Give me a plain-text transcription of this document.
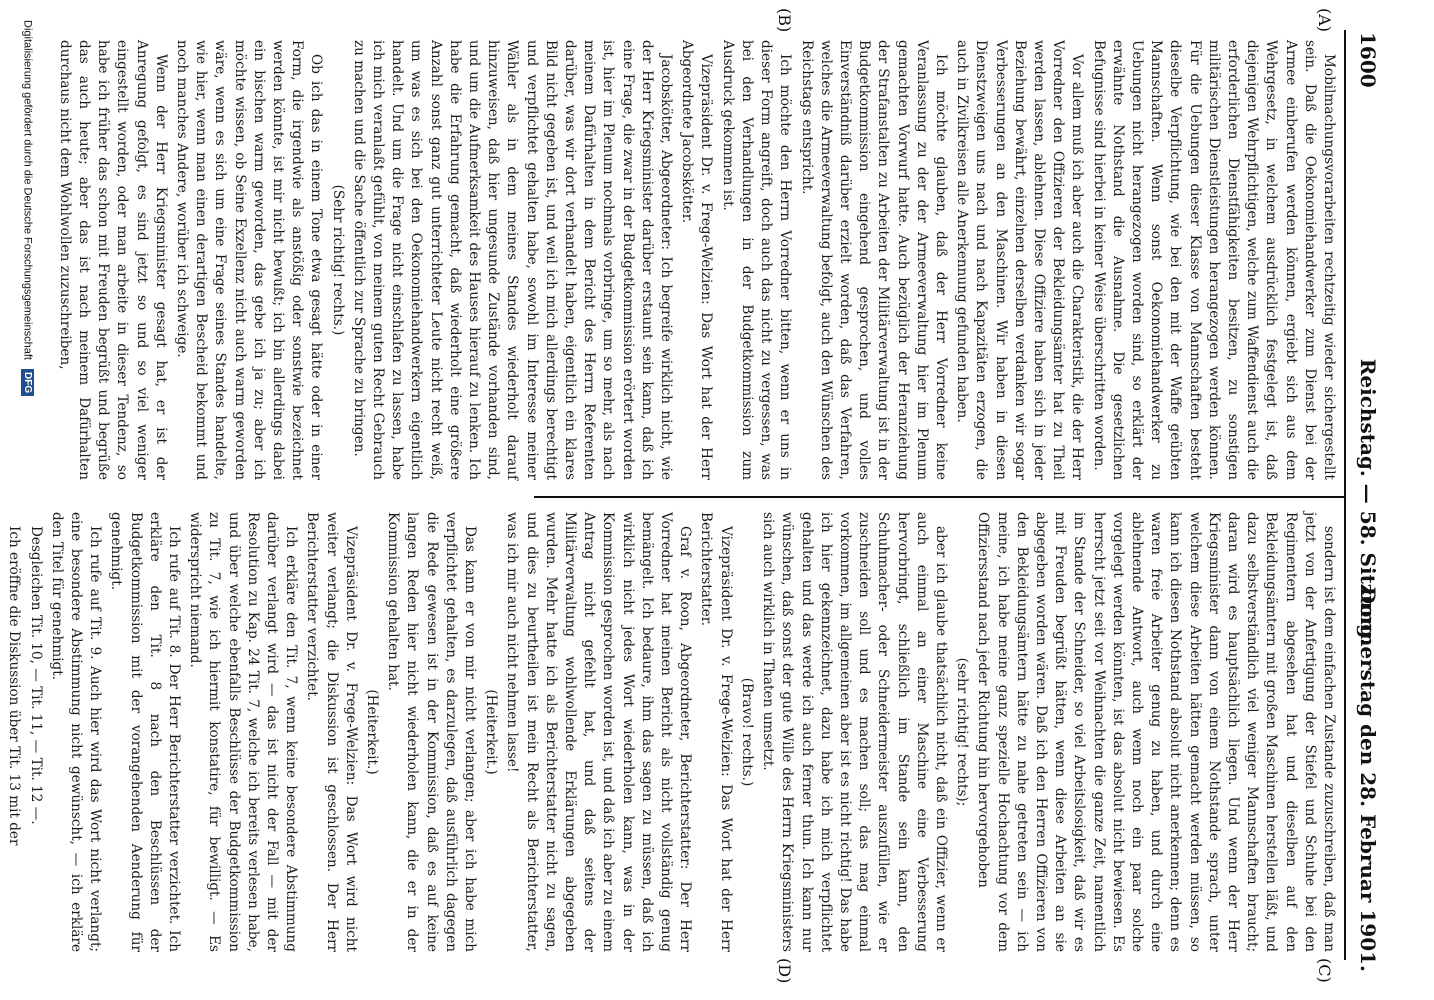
1600
Reichstag. — 58. Sitzung.
Donnerstag den 28. Februar 1901.
(A)
(B)
(C)
(D)

Mobilmachungsvorarbeiten rechtzeitig wieder sichergestellt sein. Daß die Oekonomiehandwerker zum Dienst bei der Armee einberufen werden können, ergiebt sich aus dem Wehrgesetz, in welchem ausdrücklich festgelegt ist, daß diejenigen Wehrpflichtigen, welche zum Waffendienst auch die erforderlichen Dienstfähigkeiten besitzen, zu sonstigen militärischen Dienstleistungen herangezogen werden können. Für die Uebungen dieser Klasse von Mannschaften besteht dieselbe Verpflichtung, wie bei den mit der Waffe geübten Mannschaften. Wenn sonst Oekonomiehandwerker zu Uebungen nicht herangezogen worden sind, so erklärt der erwähnte Nothstand die Ausnahme. Die gesetzlichen Befugnisse sind hierbei in keiner Weise überschritten worden.

Vor allem muß ich aber auch die Charakteristik, die der Herr Vorredner den Offizieren der Bekleidungsämter hat zu Theil werden lassen, ablehnen. Diese Offiziere haben sich in jeder Beziehung bewährt, einzelnen derselben verdanken wir sogar Verbesserungen an den Maschinen. Wir haben in diesen Dienstzweigen uns nach und nach Kapazitäten erzogen, die auch in Zivilkreisen alle Anerkennung gefunden haben.

Ich möchte glauben, daß der Herr Vorredner keine Veranlassung zu der der Armeeverwaltung hier im Plenum gemachten Vorwurf hatte. Auch bezüglich der Heranziehung der Strafanstalten zu Arbeiten der Militärverwaltung ist in der Budgetkommission eingehend gesprochen, und volles Einverständniß darüber erzielt worden, daß das Verfahren, welches die Armeeverwaltung befolgt, auch den Wünschen des Reichstags entspricht.

Ich möchte den Herrn Vorredner bitten, wenn er uns in dieser Form angreift, doch auch das nicht zu vergessen, was bei den Verhandlungen in der Budgetkommission zum Ausdruck gekommen ist.

Vizepräsident Dr. v. Frege-Welzien: Das Wort hat der Herr Abgeordnete Jacobskötter.

Jacobskötter, Abgeordneter: Ich begreife wirklich nicht, wie der Herr Kriegsminister darüber erstaunt sein kann, daß ich eine Frage, die zwar in der Budgetkommission erörtert worden ist, hier im Plenum nochmals vorbringe, um so mehr, als nach meinem Dafürhalten in dem Bericht des Herrn Referenten darüber, was wir dort verhandelt haben, eigentlich ein klares Bild nicht gegeben ist, und weil ich mich allerdings berechtigt und verpflichtet gehalten habe, sowohl im Interesse meiner Wähler als in dem meines Standes wiederholt darauf hinzuweisen, daß hier ungesunde Zustände vorhanden sind, und um die Aufmerksamkeit des Hauses hierauf zu lenken. Ich habe die Erfahrung gemacht, daß wiederholt eine größere Anzahl sonst ganz gut unterrichteter Leute nicht recht weiß, um was es sich bei den Oekonomiehandwerkern eigentlich handelt. Und um die Frage nicht einschlafen zu lassen, habe ich mich veranlaßt gefühlt, von meinem guten Recht Gebrauch zu machen und die Sache öffentlich zur Sprache zu bringen.

(Sehr richtig! rechts.)

Ob ich das in einem Tone etwa gesagt hätte oder in einer Form, die irgendwie als anstößig oder sonstwie bezeichnet werden könnte, ist mir nicht bewußt; ich bin allerdings dabei ein bischen warm geworden, das gebe ich ja zu; aber ich möchte wissen, ob Seine Exzellenz nicht auch warm geworden wäre, wenn es sich um eine Frage seines Standes handelte, wie hier, wenn man einen derartigen Bescheid bekommt und noch manches Andere, worüber ich schweige.

Wenn der Herr Kriegsminister gesagt hat, er ist der Anregung gefolgt, es sind jetzt so und so viel weniger eingestellt worden, oder man arbeite in dieser Tendenz, so habe ich früher das schon mit Freuden begrüßt und begrüße das auch heute; aber das ist nach meinem Dafürhalten durchaus nicht dem Wohlwollen zuzuschreiben,

sondern ist dem einfachen Zustande zuzuschreiben, daß man jetzt von der Anfertigung der Stiefel und Schuhe bei den Regimentern abgesehen hat und dieselben auf den Bekleidungsämtern mit großen Maschinen herstellen läßt, und dazu selbstverständlich viel weniger Mannschaften braucht; daran wird es hauptsächlich liegen. Und wenn der Herr Kriegsminister dann von einem Nothstande sprach, unter welchem diese Arbeiten hätten gemacht werden müssen, so kann ich diesen Nothstand absolut nicht anerkennen; denn es waren freie Arbeiter genug zu haben, und durch eine ablehnende Antwort, auch wenn noch ein paar solche vorgelegt werden könnten, ist das absolut nicht bewiesen. Es herrscht jetzt seit vor Weihnachten die ganze Zeit, namentlich im Stande der Schneider, so viel Arbeitslosigkeit, daß wir es mit Freuden begrüßt hätten, wenn diese Arbeiten an sie abgegeben worden wären. Daß ich den Herren Offizieren von den Bekleidungsämtern hätte zu nahe getreten sein — ich meine, ich habe meine ganz spezielle Hochachtung vor dem Offiziersstand nach jeder Richtung hin hervorgehoben

(sehr richtig! rechts);

aber ich glaube thatsächlich nicht, daß ein Offizier, wenn er auch einmal an einer Maschine eine Verbesserung hervorbringt, schließlich im Stande sein kann, den Schuhmacher- oder Schneidermeister auszufüllen, wie er zuschneiden soll und es machen soll; das mag einmal vorkommen, im allgemeinen aber ist es nicht richtig! Das habe ich hier gekennzeichnet, dazu habe ich mich verpflichtet gehalten und das werde ich auch ferner thun. Ich kann nur wünschen, daß sonst der gute Wille des Herrn Kriegsministers sich auch wirklich in Thaten umsetzt.

(Bravo! rechts.)

Vizepräsident Dr. v. Frege-Welzien: Das Wort hat der Herr Berichterstatter.

Graf v. Roon, Abgeordneter, Berichterstatter: Der Herr Vorredner hat meinen Bericht als nicht vollständig genug bemängelt. Ich bedaure, ihm das sagen zu müssen, daß ich wirklich nicht jedes Wort wiederholen kann, was in der Kommission gesprochen worden ist, und daß ich aber zu einem Antrag nicht gefehlt hat, und daß seitens der Militärverwaltung wohlwollende Erklärungen abgegeben wurden. Mehr hatte ich als Berichterstatter nicht zu sagen, und dies zu beurtheilen ist mein Recht als Berichterstatter, was ich mir auch nicht nehmen lasse!

(Heiterkeit.)

Das kann er von mir nicht verlangen; aber ich habe mich verpflichtet gehalten, es darzulegen, daß ausführlich dagegen die Rede gewesen ist in der Kommission, daß es auf keine langen Reden hier nicht wiederholen kann, die er in der Kommission gehalten hat.

(Heiterkeit.)

Vizepräsident Dr. v. Frege-Welzien: Das Wort wird nicht weiter verlangt; die Diskussion ist geschlossen. Der Herr Berichterstatter verzichtet.

Ich erkläre den Tit. 7, wenn keine besondere Abstimmung darüber verlangt wird — das ist nicht der Fall — mit der Resolution zu Kap. 24 Tit. 7, welche ich bereits verlesen habe, und über welche ebenfalls Beschlüsse der Budgetkommission zu Tit. 7, wie ich hiermit konstatire, für bewilligt. — Es widerspricht niemand.

Ich rufe auf Tit. 8. Der Herr Berichterstatter verzichtet. Ich erkläre den Tit. 8 nach den Beschlüssen der Budgetkommission mit der vorangehenden Aenderung für genehmigt.

Ich rufe auf Tit. 9. Auch hier wird das Wort nicht verlangt; eine besondere Abstimmung nicht gewünscht, — ich erkläre den Titel für genehmigt.

Desgleichen Tit. 10, — Tit. 11, — Tit. 12 —.

Ich eröffne die Diskussion über Tit. 13 mit der

Digitalisierung gefördert durch die Deutsche Forschungsgemeinschaft DFG
